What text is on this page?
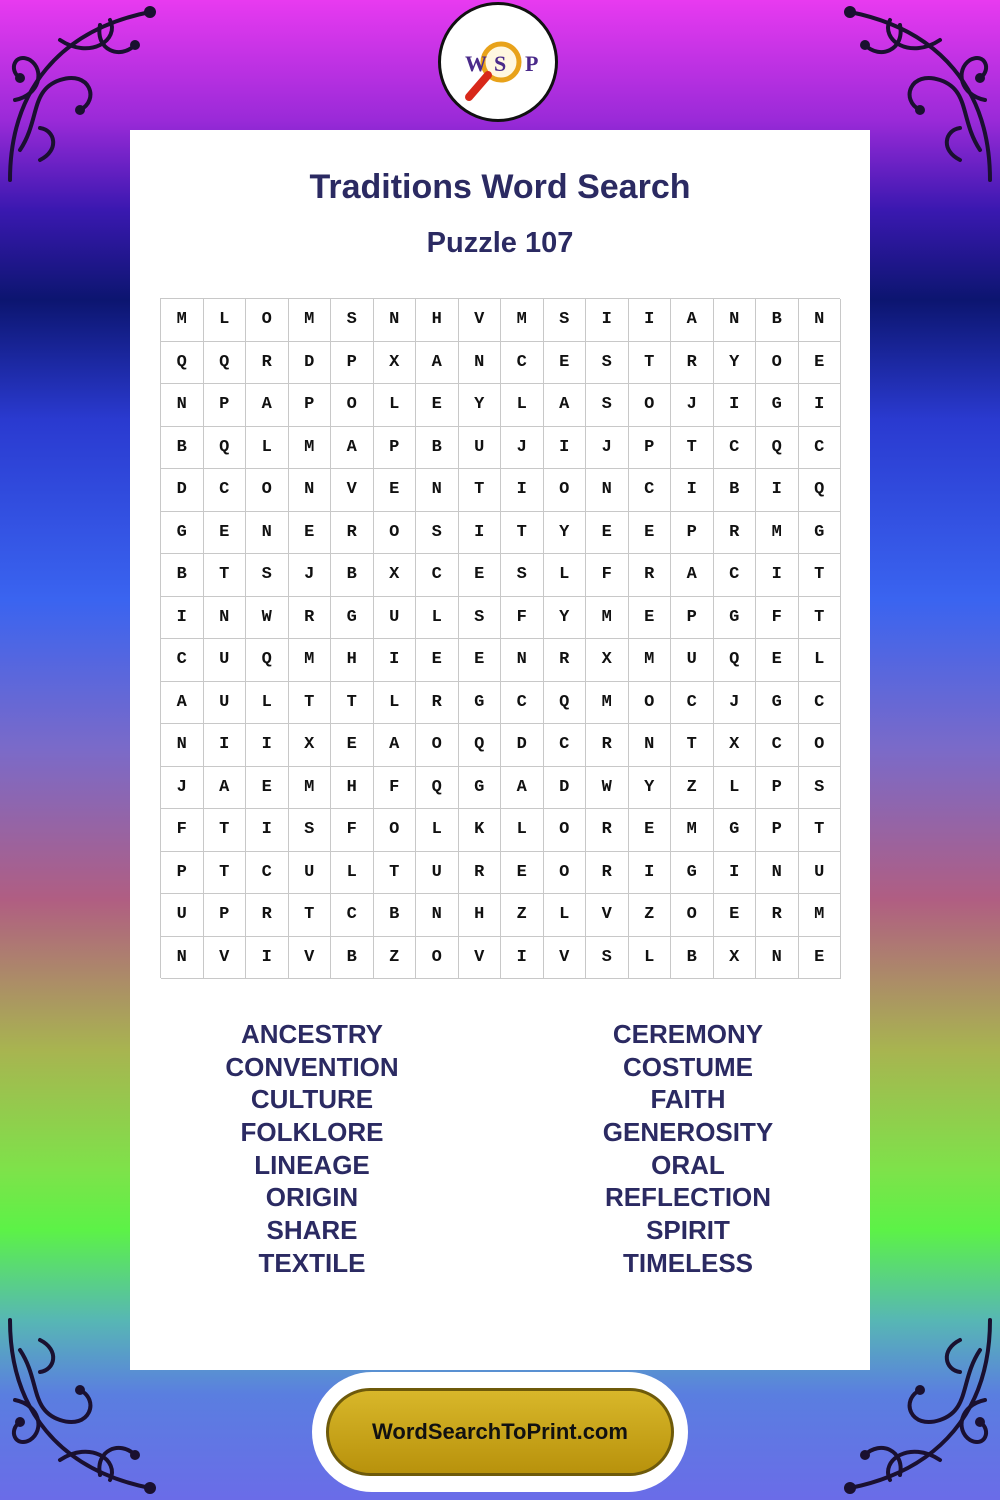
W S P
Traditions Word Search
Puzzle 107
M	L	O	M	S	N	H	V	M	S	I	I	A	N	B	N
Q	Q	R	D	P	X	A	N	C	E	S	T	R	Y	O	E
N	P	A	P	O	L	E	Y	L	A	S	O	J	I	G	I
B	Q	L	M	A	P	B	U	J	I	J	P	T	C	Q	C
D	C	O	N	V	E	N	T	I	O	N	C	I	B	I	Q
G	E	N	E	R	O	S	I	T	Y	E	E	P	R	M	G
B	T	S	J	B	X	C	E	S	L	F	R	A	C	I	T
I	N	W	R	G	U	L	S	F	Y	M	E	P	G	F	T
C	U	Q	M	H	I	E	E	N	R	X	M	U	Q	E	L
A	U	L	T	T	L	R	G	C	Q	M	O	C	J	G	C
N	I	I	X	E	A	O	Q	D	C	R	N	T	X	C	O
J	A	E	M	H	F	Q	G	A	D	W	Y	Z	L	P	S
F	T	I	S	F	O	L	K	L	O	R	E	M	G	P	T
P	T	C	U	L	T	U	R	E	O	R	I	G	I	N	U
U	P	R	T	C	B	N	H	Z	L	V	Z	O	E	R	M
N	V	I	V	B	Z	O	V	I	V	S	L	B	X	N	E
ANCESTRY
CONVENTION
CULTURE
FOLKLORE
LINEAGE
ORIGIN
SHARE
TEXTILE
CEREMONY
COSTUME
FAITH
GENEROSITY
ORAL
REFLECTION
SPIRIT
TIMELESS
WordSearchToPrint.com
